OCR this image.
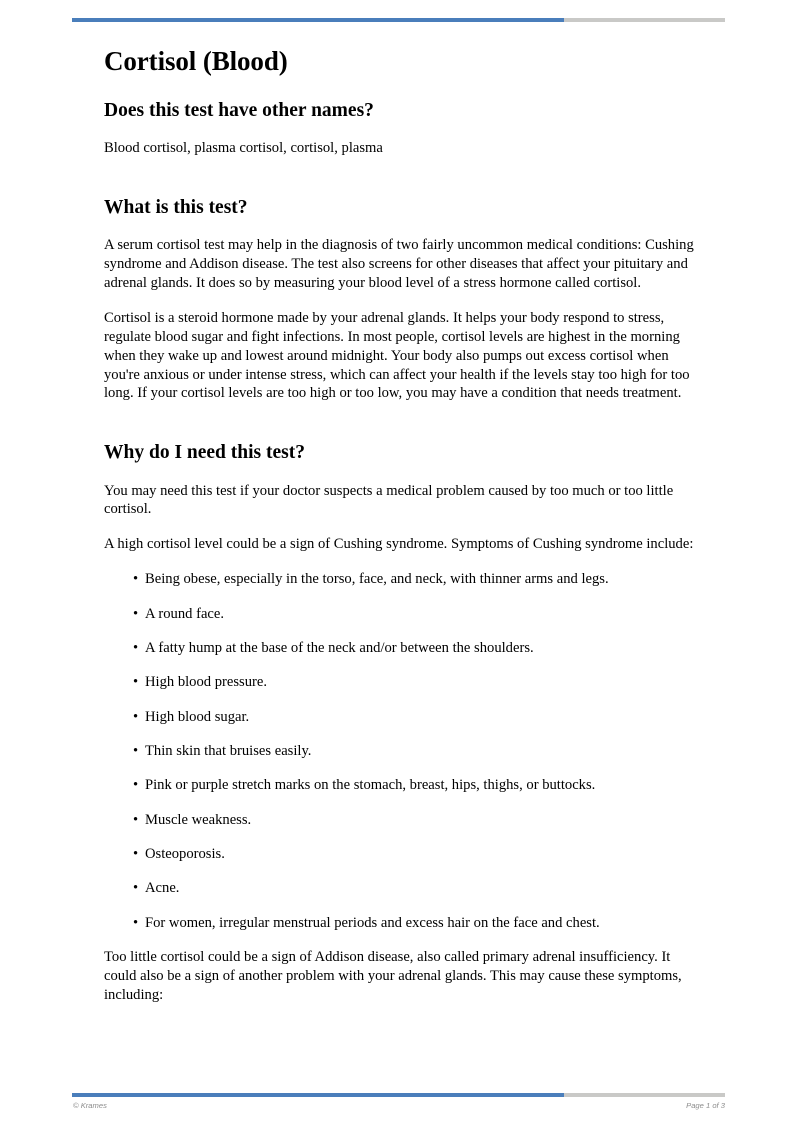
Cortisol (Blood)
Does this test have other names?

Blood cortisol, plasma cortisol, cortisol, plasma

What is this test?

A serum cortisol test may help in the diagnosis of two fairly uncommon medical conditions: Cushing syndrome and Addison disease. The test also screens for other diseases that affect your pituitary and adrenal glands. It does so by measuring your blood level of a stress hormone called cortisol.

Cortisol is a steroid hormone made by your adrenal glands. It helps your body respond to stress, regulate blood sugar and fight infections. In most people, cortisol levels are highest in the morning when they wake up and lowest around midnight. Your body also pumps out excess cortisol when you're anxious or under intense stress, which can affect your health if the levels stay too high for too long. If your cortisol levels are too high or too low, you may have a condition that needs treatment.

Why do I need this test?

You may need this test if your doctor suspects a medical problem caused by too much or too little cortisol.

A high cortisol level could be a sign of Cushing syndrome. Symptoms of Cushing syndrome include:

• Being obese, especially in the torso, face, and neck, with thinner arms and legs.
• A round face.
• A fatty hump at the base of the neck and/or between the shoulders.
• High blood pressure.
• High blood sugar.
• Thin skin that bruises easily.
• Pink or purple stretch marks on the stomach, breast, hips, thighs, or buttocks.
• Muscle weakness.
• Osteoporosis.
• Acne.
• For women, irregular menstrual periods and excess hair on the face and chest.

Too little cortisol could be a sign of Addison disease, also called primary adrenal insufficiency. It could also be a sign of another problem with your adrenal glands. This may cause these symptoms, including:

© Krames	Page 1 of 3
